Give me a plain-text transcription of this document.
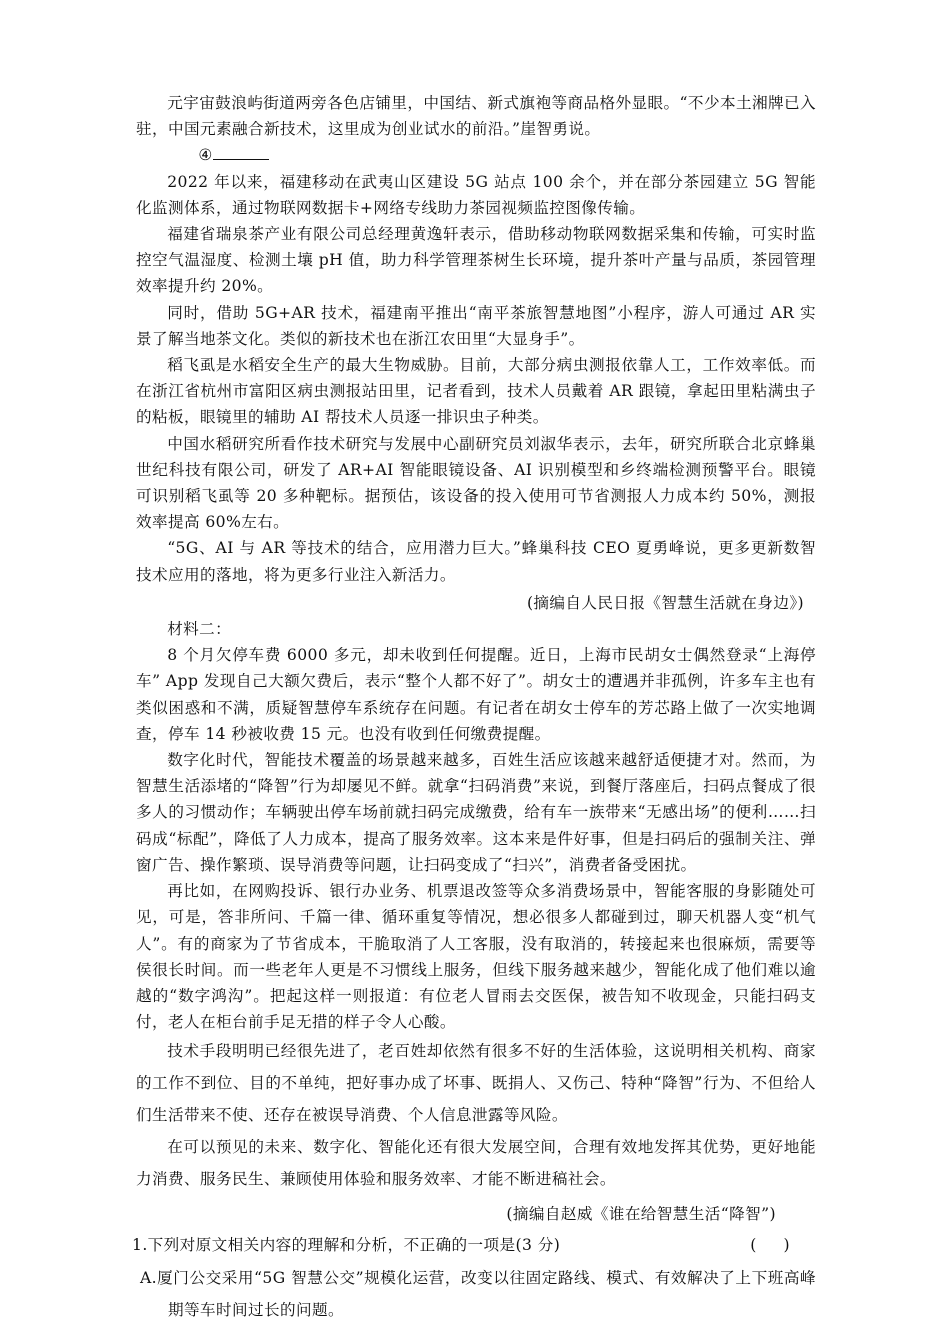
元宇宙鼓浪屿街道两旁各色店铺里，中国结、新式旗袍等商品格外显眼。“不少本土湘牌已入驻，中国元素融合新技术，这里成为创业试水的前沿。”崖智勇说。

④

2022 年以来，福建移动在武夷山区建设 5G 站点 100 余个，并在部分茶园建立 5G 智能化监测体系，通过物联网数据卡+网络专线助力茶园视频监控图像传输。

福建省瑞泉茶产业有限公司总经理黄逸轩表示，借助移动物联网数据采集和传输，可实时监控空气温湿度、检测土壤 pH 值，助力科学管理茶树生长环境，提升茶叶产量与品质，茶园管理效率提升约 20%。

同时，借助 5G+AR 技术，福建南平推出“南平茶旅智慧地图”小程序，游人可通过 AR 实景了解当地茶文化。类似的新技术也在浙江农田里“大显身手”。

稻飞虱是水稻安全生产的最大生物威胁。目前，大部分病虫测报依靠人工，工作效率低。而在浙江省杭州市富阳区病虫测报站田里，记者看到，技术人员戴着 AR 跟镜，拿起田里粘满虫子的粘板，眼镜里的辅助 AI 帮技术人员逐一排识虫子种类。

中国水稻研究所看作技术研究与发展中心副研究员刘淑华表示，去年，研究所联合北京蜂巢世纪科技有限公司，研发了 AR+AI 智能眼镜设备、AI 识别模型和乡终端检测预警平台。眼镜可识别稻飞虱等 20 多种靶标。据预估，该设备的投入使用可节省测报人力成本约 50%，测报效率提高 60%左右。

“5G、AI 与 AR 等技术的结合，应用潜力巨大。”蜂巢科技 CEO 夏勇峰说，更多更新数智技术应用的落地，将为更多行业注入新活力。

(摘编自人民日报《智慧生活就在身边》)

材料二：

8 个月欠停车费 6000 多元，却未收到任何提醒。近日，上海市民胡女士偶然登录“上海停车” App 发现自己大额欠费后，表示“整个人都不好了”。胡女士的遭遇并非孤例，许多车主也有类似困惑和不满，质疑智慧停车系统存在问题。有记者在胡女士停车的芳芯路上做了一次实地调查，停车 14 秒被收费 15 元。也没有收到任何缴费提醒。

数字化时代，智能技术覆盖的场景越来越多，百姓生活应该越来越舒适便捷才对。然而，为智慧生活添堵的“降智”行为却屡见不鲜。就拿“扫码消费”来说，到餐厅落座后，扫码点餐成了很多人的习惯动作；车辆驶出停车场前就扫码完成缴费，给有车一族带来“无感出场”的便利……扫码成“标配”，降低了人力成本，提高了服务效率。这本来是件好事，但是扫码后的强制关注、弹窗广告、操作繁琐、误导消费等问题，让扫码变成了“扫兴”，消费者备受困扰。

再比如，在网购投诉、银行办业务、机票退改签等众多消费场景中，智能客服的身影随处可见，可是，答非所问、千篇一律、循环重复等情况，想必很多人都碰到过，聊天机器人变“机气人”。有的商家为了节省成本，干脆取消了人工客服，没有取消的，转接起来也很麻烦，需要等侯很长时间。而一些老年人更是不习惯线上服务，但线下服务越来越少，智能化成了他们难以逾越的“数字鸿沟”。把起这样一则报道：有位老人冒雨去交医保，被告知不收现金，只能扫码支付，老人在柜台前手足无措的样子令人心酸。

技术手段明明已经很先进了，老百姓却依然有很多不好的生活体验，这说明相关机构、商家的工作不到位、目的不单纯，把好事办成了坏事、既捐人、又伤己、特种“降智”行为、不但给人们生活带来不使、还存在被误导消费、个人信息泄露等风险。

在可以预见的未来、数字化、智能化还有很大发展空间，合理有效地发挥其优势，更好地能力消费、服务民生、兼顾使用体验和服务效率、才能不断进稿社会。

(摘编自赵威《谁在给智慧生活“降智”)

1.下列对原文相关内容的理解和分析，不正确的一项是(3 分)	(     )

A.厦门公交采用“5G 智慧公交”规模化运营，改变以往固定路线、模式、有效解决了上下班高峰期等车时间过长的问题。
